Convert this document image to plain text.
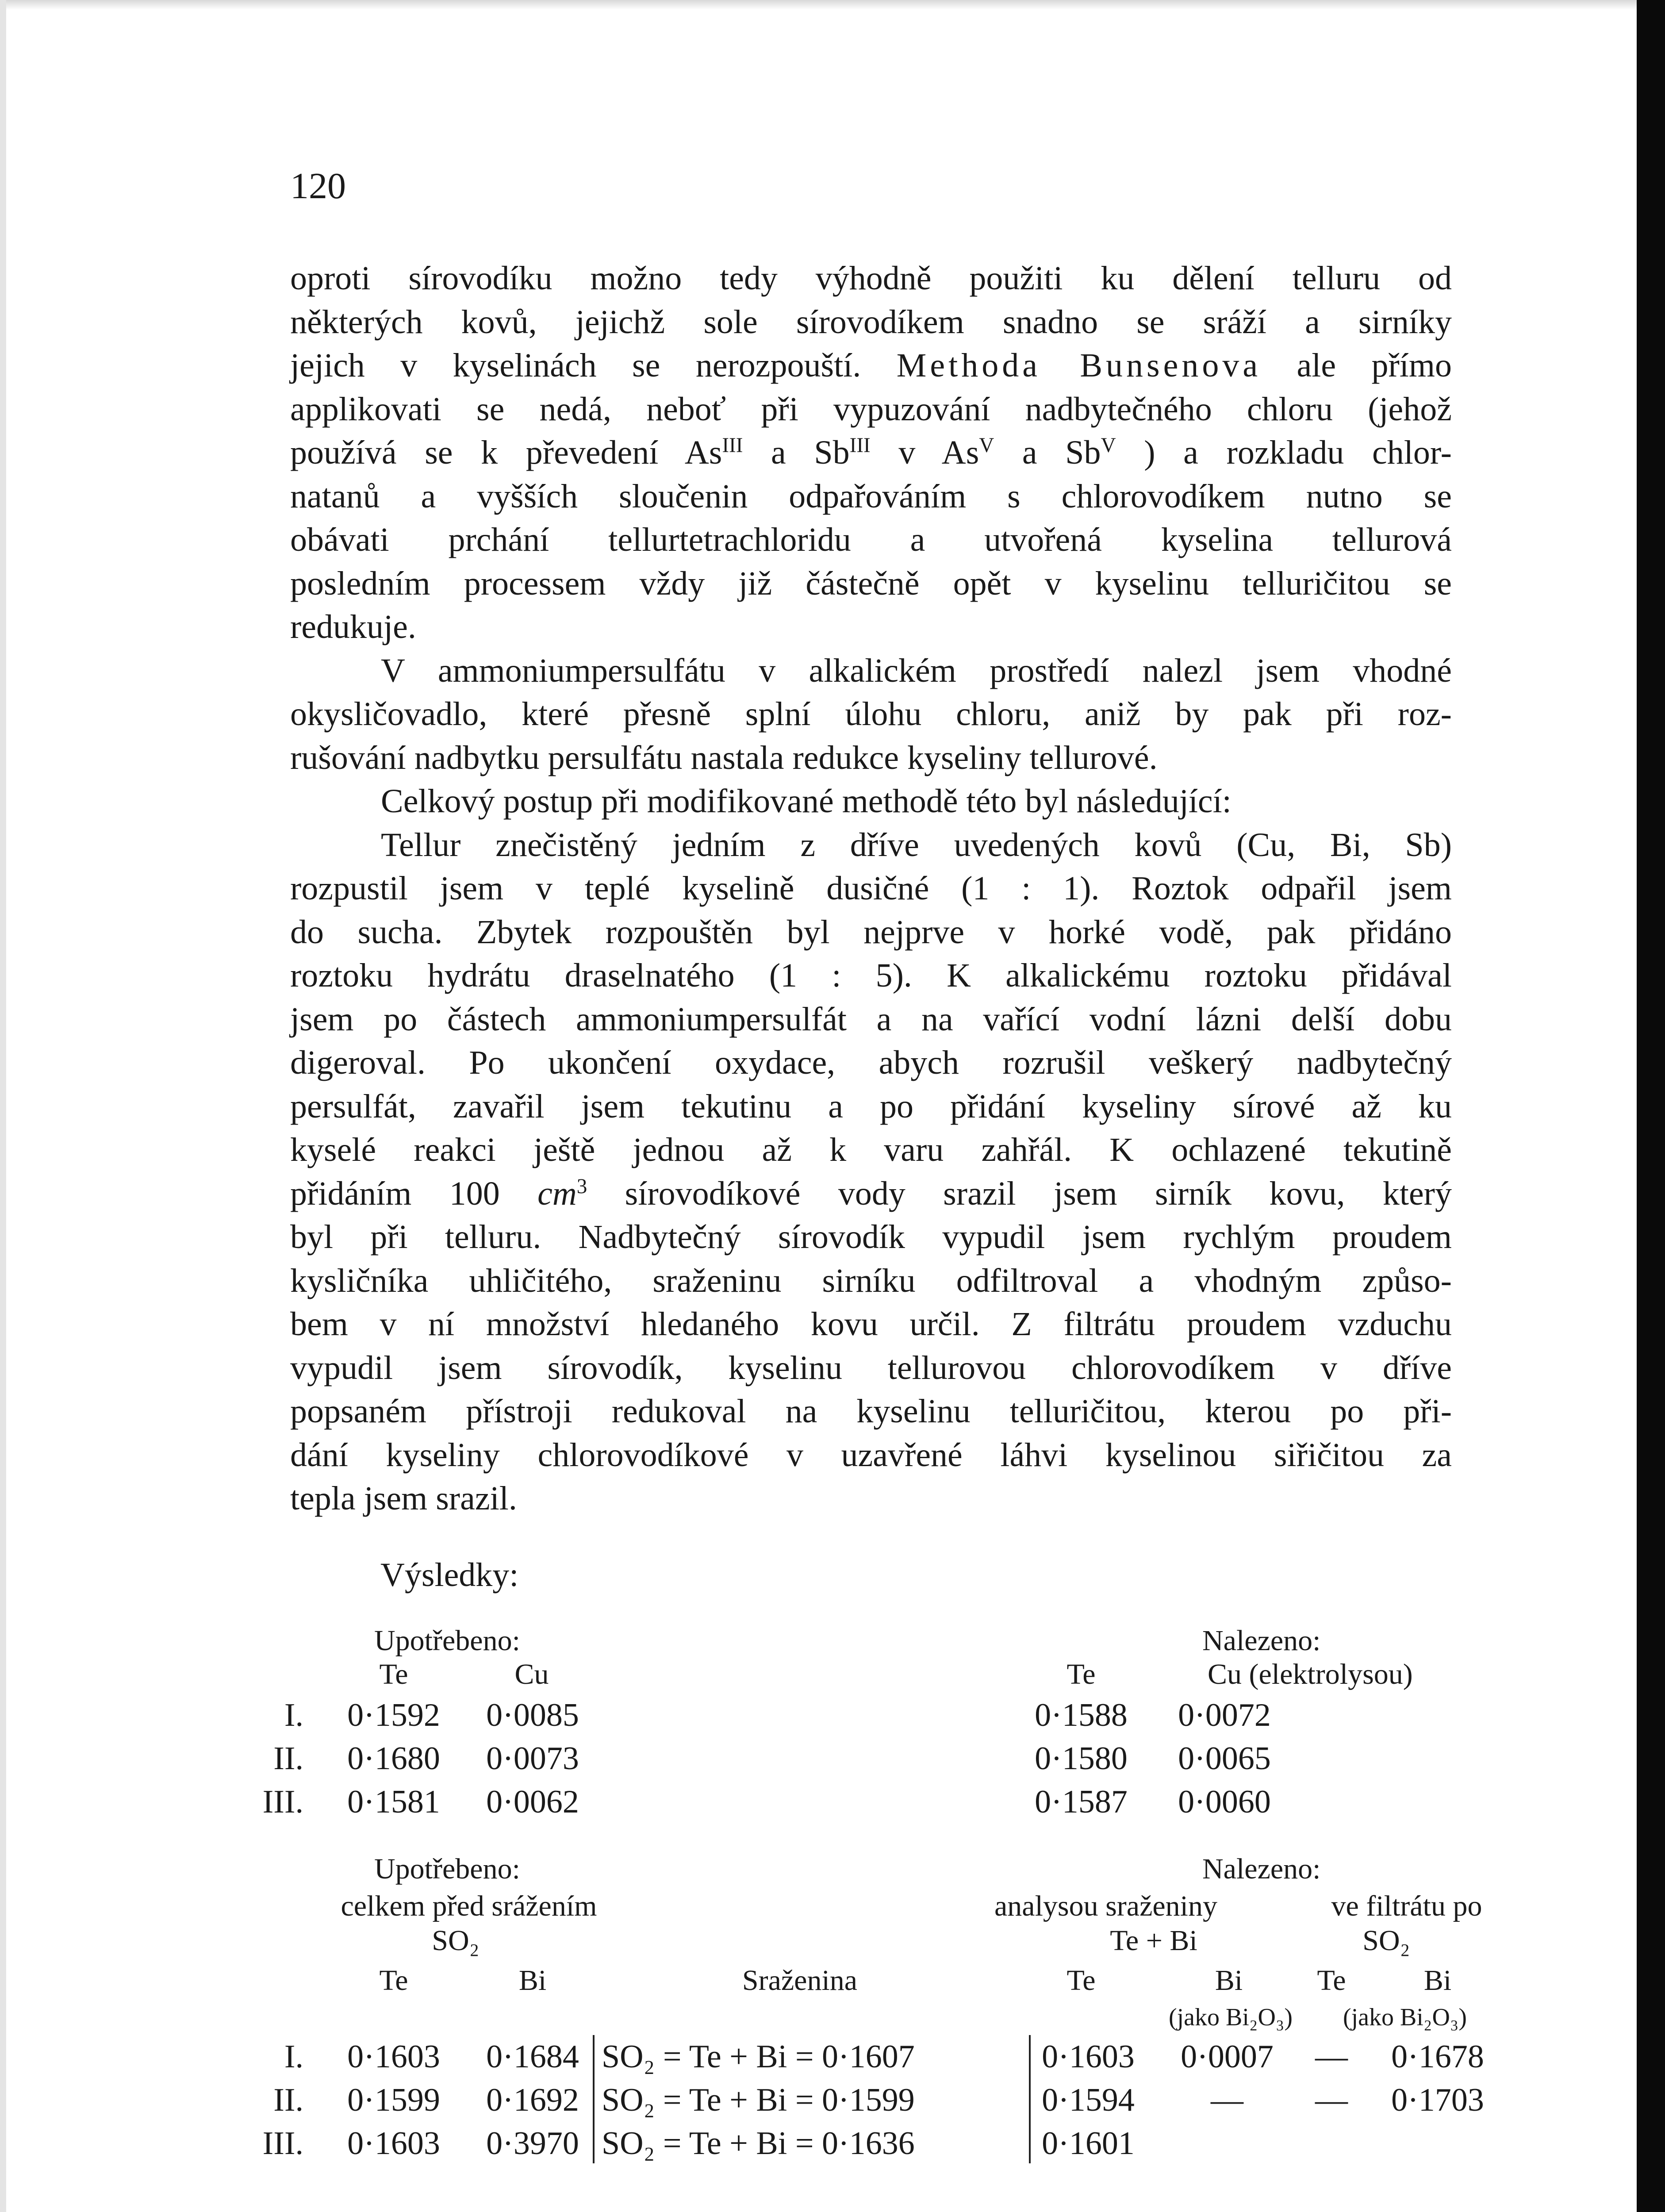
120
oproti sírovodíku možno tedy výhodně použiti ku dělení telluru od
některých kovů, jejichž sole sírovodíkem snadno se sráží a sirníky
jejich v kyselinách se nerozpouští. Methoda Bunsenova ale přímo
applikovati se nedá, neboť při vypuzování nadbytečného chloru (jehož
používá se k převedení $As^{III}$ a $Sb^{III}$ v $As^V$ a $Sb^V$ ) a rozkladu chlor-
natanů a vyšších sloučenin odpařováním s chlorovodíkem nutno se
obávati prchání tellurtetrachloridu a utvořená kyselina tellurová
posledním processem vždy již částečně opět v kyselinu telluričitou se
redukuje.
V ammoniumpersulfátu v alkalickém prostředí nalezl jsem vhodné
okysličovadlo, které přesně splní úlohu chloru, aniž by pak při roz-
rušování nadbytku persulfátu nastala redukce kyseliny tellurové.
Celkový postup při modifikované methodě této byl následující:
Tellur znečistěný jedním z dříve uvedených kovů (Cu, Bi, Sb)
rozpustil jsem v teplé kyselině dusičné (1 : 1). Roztok odpařil jsem
do sucha. Zbytek rozpouštěn byl nejprve v horké vodě, pak přidáno
roztoku hydrátu draselnatého (1 : 5). K alkalickému roztoku přidával
jsem po částech ammoniumpersulfát a na vařící vodní lázni delší dobu
digeroval. Po ukončení oxydace, abych rozrušil veškerý nadbytečný
persulfát, zavařil jsem tekutinu a po přidání kyseliny sírové až ku
kyselé reakci ještě jednou až k varu zahřál. K ochlazené tekutině
přidáním 100 $cm^3$ sírovodíkové vody srazil jsem sirník kovu, který
byl při telluru. Nadbytečný sírovodík vypudil jsem rychlým proudem
kysličníka uhličitého, sraženinu sirníku odfiltroval a vhodným způso-
bem v ní množství hledaného kovu určil. Z filtrátu proudem vzduchu
vypudil jsem sírovodík, kyselinu tellurovou chlorovodíkem v dříve
popsaném přístroji redukoval na kyselinu telluričitou, kterou po při-
dání kyseliny chlorovodíkové v uzavřené láhvi kyselinou siřičitou za
tepla jsem srazil.
Výsledky:
Upotřebeno:	Nalezeno:
Te	Cu	Te	Cu (elektrolysou)
I. 0·1592 0·0085	0·1588 0·0072
II. 0·1680 0·0073	0·1580 0·0065
III. 0·1581 0·0062	0·1587 0·0060
Upotřebeno:	Nalezeno:
celkem před srážením	analysou sraženiny	ve filtrátu po
SO₂	Te + Bi	SO₂
Te	Bi	Sraženina	Te	Bi	Te	Bi
(jako Bi₂O₃) (jako Bi₂O₃)
I. 0·1603 0·1684 SO₂ = Te + Bi = 0·1607	0·1603 0·0007 — 0·1678
II. 0·1599 0·1692 SO₂ = Te + Bi = 0·1599	0·1594 — — 0·1703
III. 0·1603 0·3970 SO₂ = Te + Bi = 0·1636	0·1601
